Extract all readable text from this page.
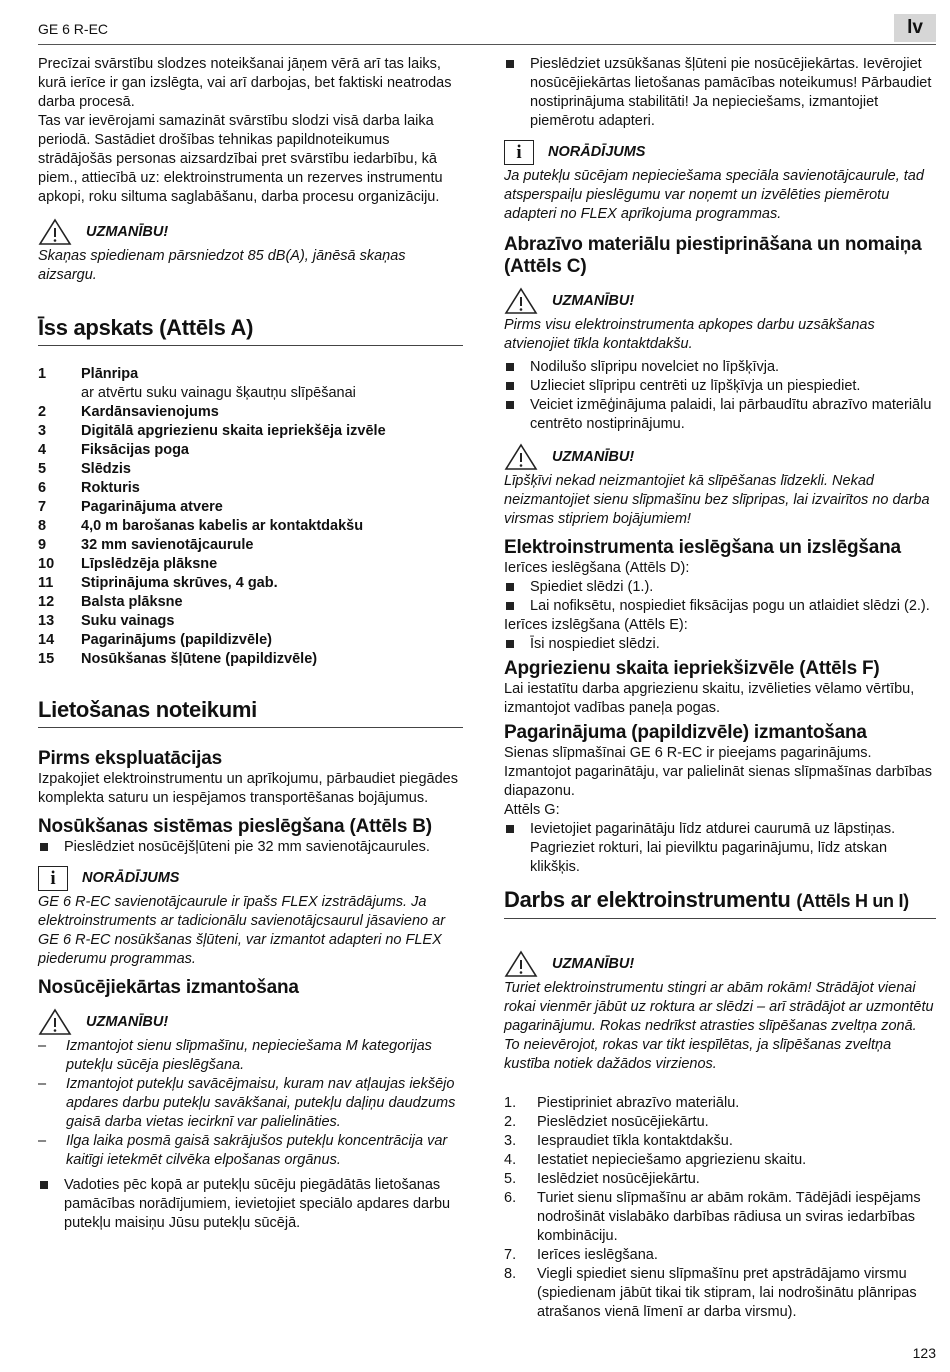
GE 6 R-EC	lv

Precīzai svārstību slodzes noteikšanai jāņem vērā arī tas laiks, kurā ierīce ir gan izslēgta, vai arī darbojas, bet faktiski neatrodas darba procesā.

Tas var ievērojami samazināt svārstību slodzi visā darba laika periodā. Sastādiet drošības tehnikas papildnoteikumus strādājošās personas aizsardzībai pret svārstību iedarbību, kā piem., attiecībā uz: elektroinstrumenta un rezerves instrumentu apkopi, roku siltuma saglabāšanu, darba procesu organizāciju.

UZMANĪBU!

Skaņas spiedienam pārsniedzot 85 dB(A), jānēsā skaņas aizsargu.

Īss apskats (Attēls A)
1	Plānripa
ar atvērtu suku vainagu šķautņu slīpēšanai
2	Kardānsavienojums
3	Digitālā apgriezienu skaita iepriekšēja izvēle
4	Fiksācijas poga
5	Slēdzis
6	Rokturis
7	Pagarinājuma atvere
8	4,0 m barošanas kabelis ar kontaktdakšu
9	32 mm savienotājcaurule
10	Līpslēdzēja plāksne
11	Stiprinājuma skrūves, 4 gab.
12	Balsta plāksne
13	Suku vainags
14	Pagarinājums (papildizvēle)
15	Nosūkšanas šļūtene (papildizvēle)
Lietošanas noteikumi
Pirms ekspluatācijas

Izpakojiet elektroinstrumentu un aprīkojumu, pārbaudiet piegādes komplekta saturu un iespējamos transportēšanas bojājumus.

Nosūkšanas sistēmas pieslēgšana (Attēls B)
Pieslēdziet nosūcējšļūteni pie 32 mm savienotājcaurules.
i	NORĀDĪJUMS

GE 6 R-EC savienotājcaurule ir īpašs FLEX izstrādājums. Ja elektroinstruments ar tadicionālu savienotājcsaurul jāsavieno ar GE 6 R-EC nosūkšanas šļūteni, var izmantot adapteri no FLEX piederumu programmas.

Nosūcējiekārtas izmantošana
UZMANĪBU!
– Izmantojot sienu slīpmašīnu, nepieciešama M kategorijas putekļu sūcēja pieslēgšana.
– Izmantojot putekļu savācējmaisu, kuram nav atļaujas iekšējo apdares darbu putekļu savākšanai, putekļu daļiņu daudzums gaisā darba vietas iecirknī var palielināties.
– Ilga laika posmā gaisā sakrājušos putekļu koncentrācija var kaitīgi ietekmēt cilvēka elpošanas orgānus.
Vadoties pēc kopā ar putekļu sūcēju piegādātās lietošanas pamācības norādījumiem, ievietojiet speciālo apdares darbu putekļu maisiņu Jūsu putekļu sūcējā.
Pieslēdziet uzsūkšanas šļūteni pie nosūcējiekārtas. Ievērojiet nosūcējiekārtas lietošanas pamācības noteikumus! Pārbaudiet nostiprinājuma stabilitāti! Ja nepieciešams, izmantojiet piemērotu adapteri.
i	NORĀDĪJUMS

Ja putekļu sūcējam nepieciešama speciāla savienotājcaurule, tad atsperspaiļu pieslēgumu var noņemt un izvēlēties piemērotu adapteri no FLEX aprīkojuma programmas.

Abrazīvo materiālu piestiprināšana un nomaiņa (Attēls C)
UZMANĪBU!

Pirms visu elektroinstrumenta apkopes darbu uzsākšanas atvienojiet tīkla kontaktdakšu.

Nodilušo slīpripu novelciet no līpšķīvja.
Uzlieciet slīpripu centrēti uz līpšķīvja un piespiediet.
Veiciet izmēģinājuma palaidi, lai pārbaudītu abrazīvo materiālu centrēto nostiprinājumu.
UZMANĪBU!

Līpšķīvi nekad neizmantojiet kā slīpēšanas līdzekli. Nekad neizmantojiet sienu slīpmašīnu bez slīpripas, lai izvairītos no darba virsmas stipriem bojājumiem!

Elektroinstrumenta ieslēgšana un izslēgšana

Ierīces ieslēgšana (Attēls D):

Spiediet slēdzi (1.).
Lai nofiksētu, nospiediet fiksācijas pogu un atlaidiet slēdzi (2.).

Ierīces izslēgšana (Attēls E):

Īsi nospiediet slēdzi.
Apgriezienu skaita iepriekšizvēle (Attēls F)

Lai iestatītu darba apgriezienu skaitu, izvēlieties vēlamo vērtību, izmantojot vadības paneļa pogas.

Pagarinājuma (papildizvēle) izmantošana

Sienas slīpmašīnai GE 6 R-EC ir pieejams pagarinājums. Izmantojot pagarinātāju, var palielināt sienas slīpmašīnas darbības diapazonu.

Attēls G:

Ievietojiet pagarinātāju līdz atdurei caurumā uz lāpstiņas. Pagrieziet rokturi, lai pievilktu pagarinājumu, līdz atskan klikšķis.
Darbs ar elektroinstrumentu (Attēls H un I)
UZMANĪBU!

Turiet elektroinstrumentu stingri ar abām rokām! Strādājot vienai rokai vienmēr jābūt uz roktura ar slēdzi – arī strādājot ar uzmontētu pagarinājumu. Rokas nedrīkst atrasties slīpēšanas zveltņa zonā. To neievērojot, rokas var tikt iespīlētas, ja slīpēšanas zveltņa kustība notiek dažādos virzienos.

1.	Piestipriniet abrazīvo materiālu.
2.	Pieslēdziet nosūcējiekārtu.
3.	Iespraudiet tīkla kontaktdakšu.
4.	Iestatiet nepieciešamo apgriezienu skaitu.
5.	Ieslēdziet nosūcējiekārtu.
6.	Turiet sienu slīpmašīnu ar abām rokām. Tādējādi iespējams nodrošināt vislabāko darbības rādiusa un sviras iedarbības kombināciju.
7.	Ierīces ieslēgšana.
8.	Viegli spiediet sienu slīpmašīnu pret apstrādājamo virsmu (spiedienam jābūt tikai tik stipram, lai nodrošinātu plānripas atrašanos vienā līmenī ar darba virsmu).
123
